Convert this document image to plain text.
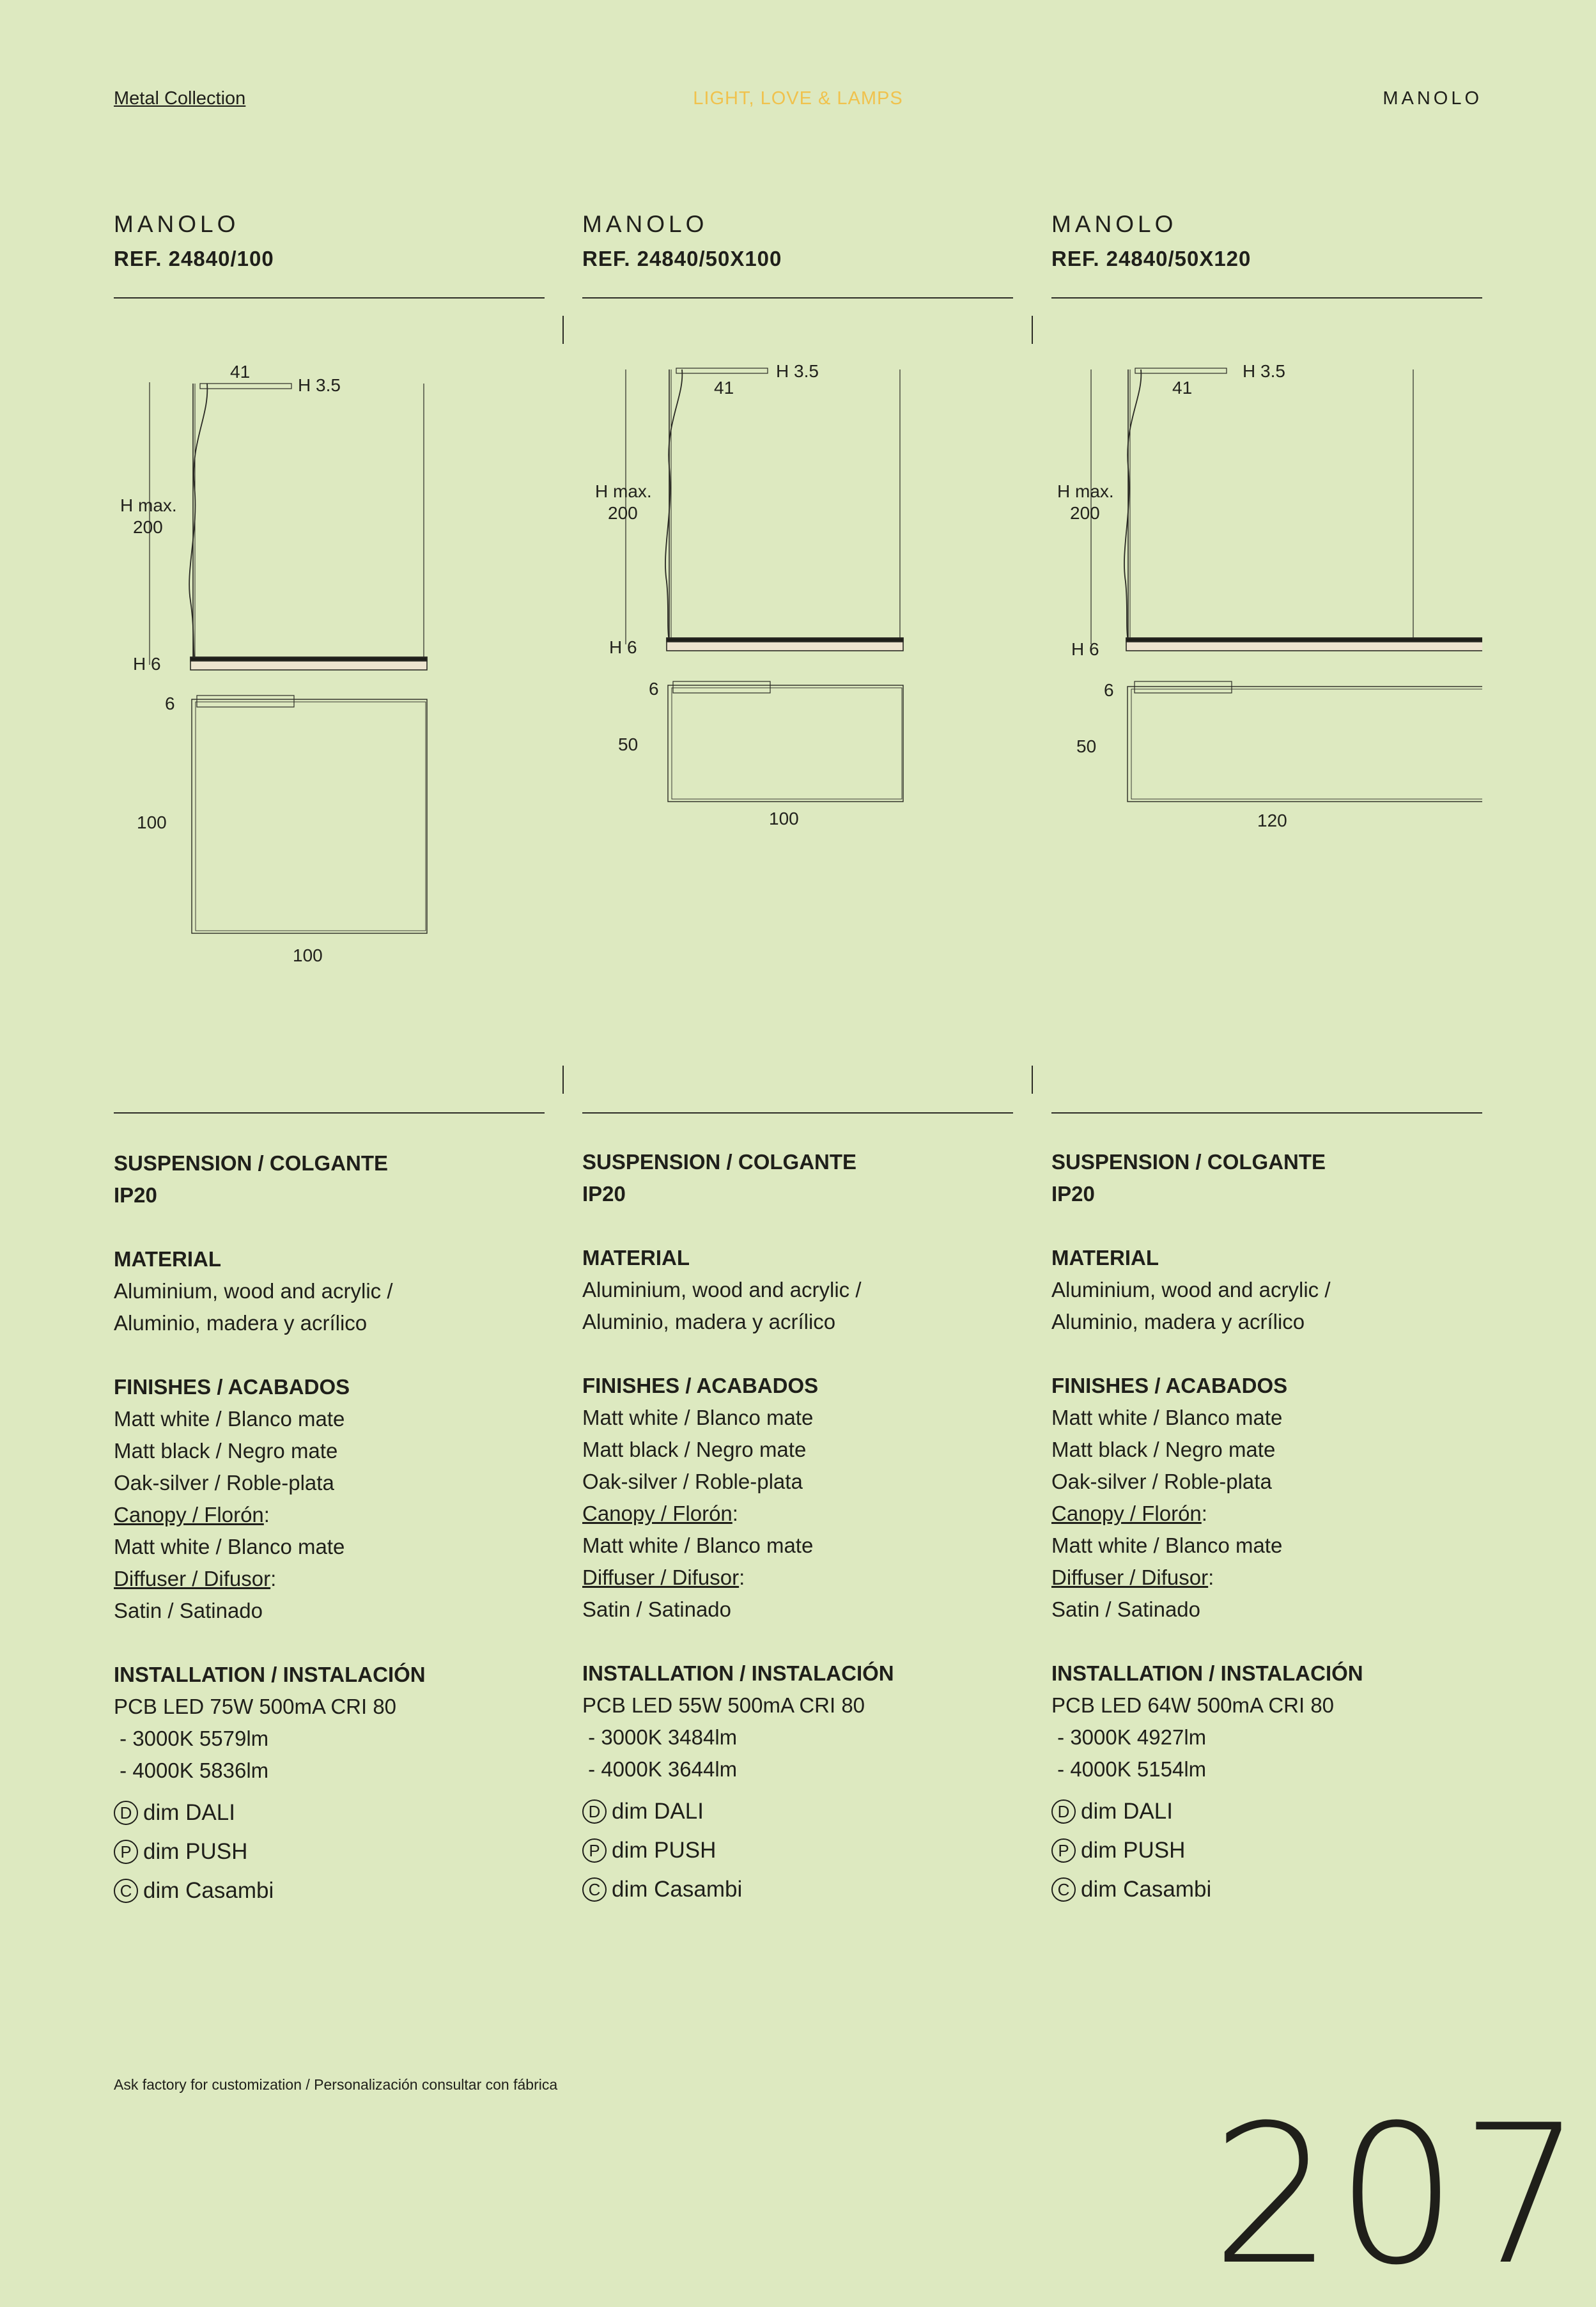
Metal Collection	LIGHT, LOVE & LAMPS	MANOLO
MANOLO
REF. 24840/100
41
H 3.5
H max.
200
H 6
6
100
100
SUSPENSION / COLGANTE
IP20
MATERIAL
Aluminium, wood and acrylic /
Aluminio, madera y acrílico
FINISHES / ACABADOS
Matt white / Blanco mate
Matt black / Negro mate
Oak-silver / Roble-plata
Canopy / Florón:
Matt white / Blanco mate
Diffuser / Difusor:
Satin / Satinado
INSTALLATION / INSTALACIÓN
PCB LED 75W 500mA CRI 80
- 3000K 5579lm
- 4000K 5836lm
D dim DALI
P dim PUSH
C dim Casambi
MANOLO
REF. 24840/50X100
41
H 3.5
H max.
200
H 6
6
50
100
SUSPENSION / COLGANTE
IP20
MATERIAL
Aluminium, wood and acrylic /
Aluminio, madera y acrílico
FINISHES / ACABADOS
Matt white / Blanco mate
Matt black / Negro mate
Oak-silver / Roble-plata
Canopy / Florón:
Matt white / Blanco mate
Diffuser / Difusor:
Satin / Satinado
INSTALLATION / INSTALACIÓN
PCB LED 55W 500mA CRI 80
- 3000K 3484lm
- 4000K 3644lm
D dim DALI
P dim PUSH
C dim Casambi
MANOLO
REF. 24840/50X120
41
H 3.5
H max.
200
H 6
6
50
120
SUSPENSION / COLGANTE
IP20
MATERIAL
Aluminium, wood and acrylic /
Aluminio, madera y acrílico
FINISHES / ACABADOS
Matt white / Blanco mate
Matt black / Negro mate
Oak-silver / Roble-plata
Canopy / Florón:
Matt white / Blanco mate
Diffuser / Difusor:
Satin / Satinado
INSTALLATION / INSTALACIÓN
PCB LED 64W 500mA CRI 80
- 3000K 4927lm
- 4000K 5154lm
D dim DALI
P dim PUSH
C dim Casambi
Ask factory for customization / Personalización consultar con fábrica	207
